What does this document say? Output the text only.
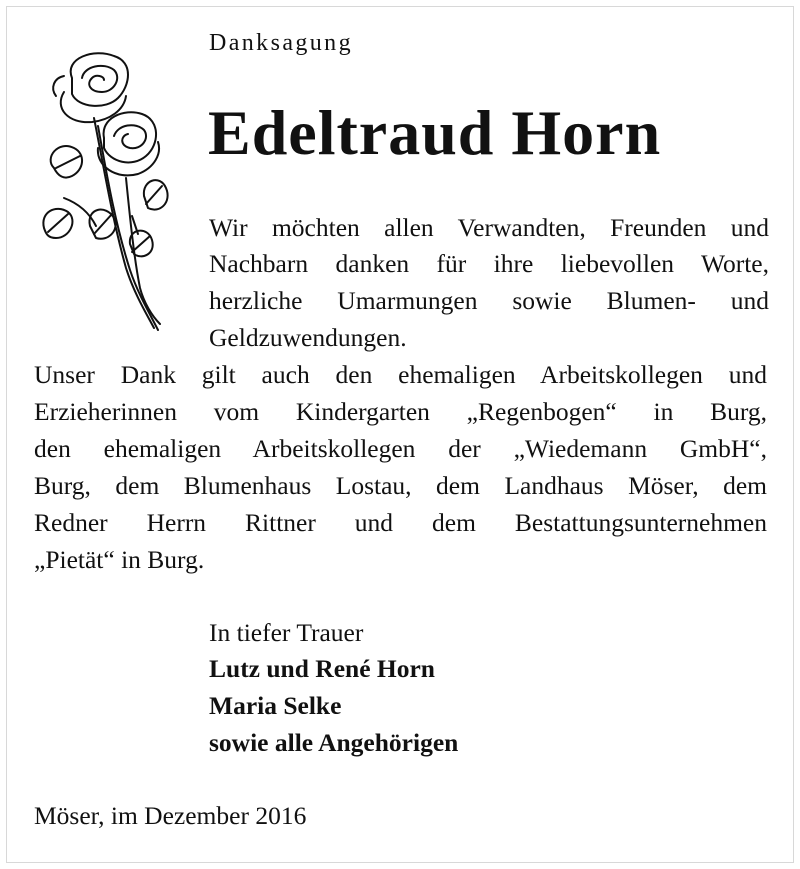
Danksagung
Edeltraud Horn

Wir möchten allen Verwandten, Freunden und

Nachbarn danken für ihre liebevollen Worte,

herzliche Umarmungen sowie Blumen- und

Geldzuwendungen.

Unser Dank gilt auch den ehemaligen Arbeitskollegen und

Erzieherinnen vom Kindergarten „Regenbogen“ in Burg,

den ehemaligen Arbeitskollegen der „Wiedemann GmbH“,

Burg, dem Blumenhaus Lostau, dem Landhaus Möser, dem

Redner Herrn Rittner und dem Bestattungsunternehmen

„Pietät“ in Burg.

In tiefer Trauer

Lutz und René Horn

Maria Selke

sowie alle Angehörigen

Möser, im Dezember 2016
